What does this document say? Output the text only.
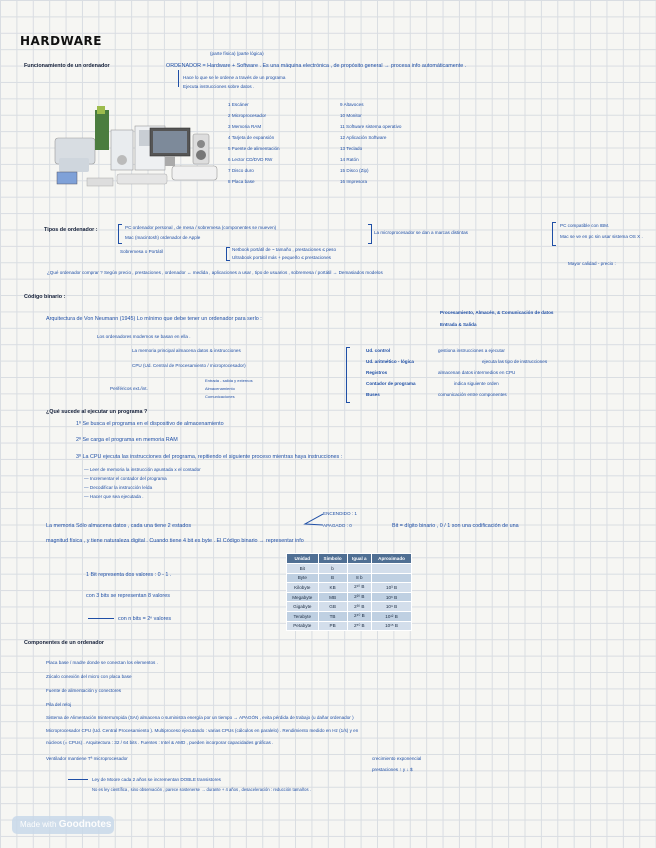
HARDWARE
Funcionamiento de un ordenador
(parte física) (parte lógica)
ORDENADOR = Hardware + Software . Es una máquina electrónica , de propósito general → procesa info automáticamente .
Hace lo que se le ordene a través de un programa
Ejecuta instrucciones sobre datos .
1 Escáner
2 Microprocesador
3 Memoria RAM
4 Tarjeta de expansión
5 Fuente de alimentación
6 Lector CD/DVD RW
7 Disco duro
8 Placa base
9 Altavoces
10 Monitor
11 Software sistema operativo
12 Aplicación Software
13 Teclado
14 Ratón
15 Disco (Zip)
16 Impresora
Tipos de ordenador :	PC ordenador personal , de mesa / sobremesa (componentes se mueven)
Mac (macintosh) ordenador de Apple
La microprocesador se dan a marcas distintas
PC compatible con IBM.
Mac se ve en pc sin usar sistema OS X .
Sobremesa o Portátil	Netbook portátil de ~ tamaño , prestaciones ≤ peso
Ultrabook portátil más + pequeño ≤ prestaciones
Mayor calidad - precio :
¿Qué ordenador comprar ? Según precio , prestaciones , ordenador ↔ medida , aplicaciones a usar , tipo de usuarios , sobremesa / portátil → Demasiados modelos
Código binario :
Arquitectura de Von Neumann (1945) Lo mínimo que debe tener un ordenador para serlo :
Procesamiento, Almacén, & Comunicación de datos
Entrada & Salida
Los ordenadores modernos se basan en ella .
La memoria principal almacena datos & instrucciones
CPU (Ud. Central de Procesamiento / microprocesador)
Periféricos ext./int.
Entrada - salida y externos
Almacenamiento
Comunicaciones
Ud. control	gestiona instrucciones a ejecutar
Ud. aritmético - lógica	ejecuta las tipo de instrucciones
Registros	almacenan datos intermedios en CPU
Contador de programa	indica siguiente orden
Buses	comunicación entre componentes
¿Qué sucede al ejecutar un programa ?
1º Se busca el programa en el dispositivo de almacenamiento
2º Se carga el programa en memoria RAM
3º La CPU ejecuta las instrucciones del programa, repitiendo el siguiente proceso mientras haya instrucciones :
— Leer de memoria la instrucción apuntada x el contador
— Incrementar el contador del programa
— Decodificar la instrucción leída
— Hacer que sea ejecutada .
ENCENDIDO : 1
APAGADO : 0
La memoria Sólo almacena datos , cada una tiene 2 estados	Bit = dígito binario , 0 / 1 son una codificación de una
magnitud física , y tiene naturaleza digital . Cuando tiene 4 bit es byte . El Código binario → representar info
1 Bit representa dos valores : 0 - 1 .
con 3 bits se representan 8 valores
con n bits = 2ⁿ valores
Unidad	Símbolo	Igual a	Aproximado
Bit	b		
Byte	B	8 b	
Kilobyte	KB	2¹⁰ B	10³ B
Megabyte	MB	2²⁰ B	10⁶ B
Gigabyte	GB	2³⁰ B	10⁹ B
Terabyte	TB	2⁴⁰ B	10¹² B
Petabyte	PB	2⁵⁰ B	10¹⁵ B
Componentes de un ordenador
Placa base / madre donde se conectan los elementos .
Zócalo conexión del micro con placa base
Fuente de alimentación y conectores
Pila del reloj
Sistema de Alimentación Ininterrumpida (SAI) almacena o suministra energía por un tiempo → APAGÓN , evita pérdida de trabajo (u dañar ordenador )
Microprocesador CPU (Ud. Central Procesamiento ). Multiproceso ejecutando : varias CPUs (cálculos en paralelo) . Rendimiento medido en Hz (1/s) y en
núcleos (= CPUs) . Arquitectura : 32 / 64 bits . Fuentes : Intel & AMD , pueden incorporar capacidades gráficas .
Ventilador mantiene Tª microprocesador	crecimiento exponencial
prestaciones ↑ y ↓ $
Ley de Moore cada 2 años se incrementan DOBLE transistores
No es ley científica , sino observación , parece sostenerse → durante + 4 años , desaceleración : reducción tamaños .
Made with Goodnotes
